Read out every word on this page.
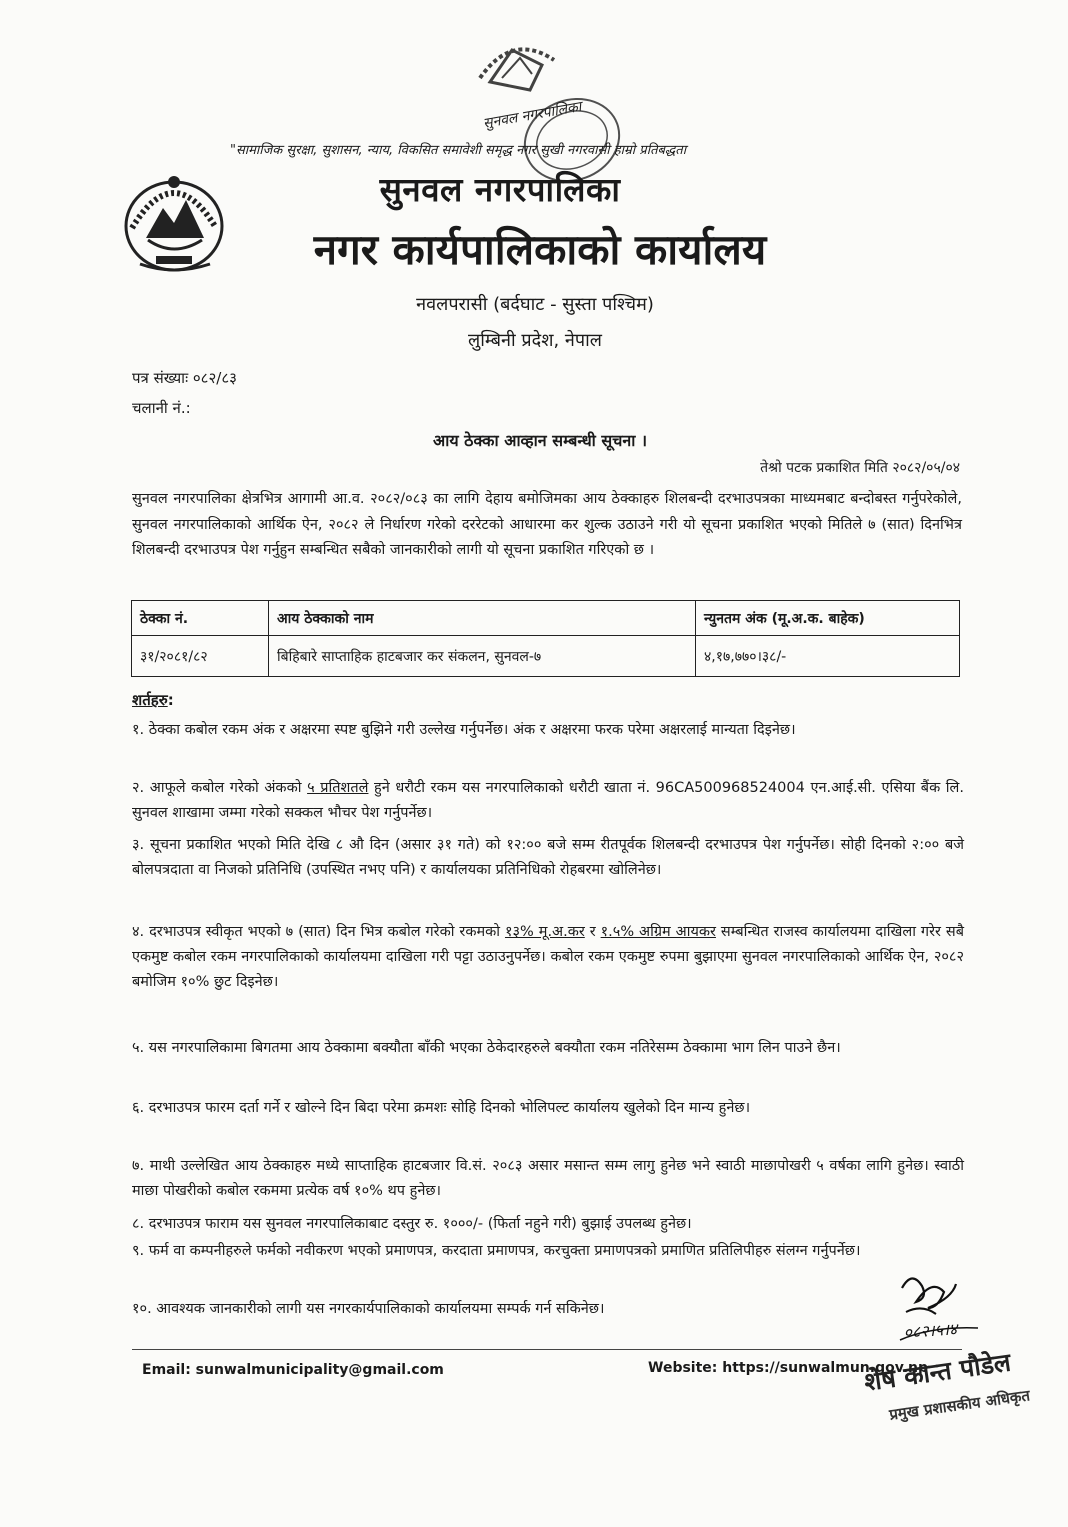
सुनवल नगरपालिका
"सामाजिक सुरक्षा, सुशासन, न्याय, विकसित समावेशी समृद्ध नगर सुखी नगरवासी हाम्रो प्रतिबद्धता
सुनवल नगरपालिका
नगर कार्यपालिकाको कार्यालय
नवलपरासी (बर्दघाट - सुस्ता पश्चिम)
लुम्बिनी प्रदेश, नेपाल
पत्र संख्याः ०८२/८३
चलानी नं.:
आय ठेक्का आव्हान सम्बन्धी सूचना ।
तेश्रो पटक प्रकाशित मिति २०८२/०५/०४
सुनवल नगरपालिका क्षेत्रभित्र आगामी आ.व. २०८२/०८३ का लागि देहाय बमोजिमका आय ठेक्काहरु शिलबन्दी दरभाउपत्रका माध्यमबाट बन्दोबस्त गर्नुपरेकोले, सुनवल नगरपालिकाको आर्थिक ऐन, २०८२ ले निर्धारण गरेको दररेटको आधारमा कर शुल्क उठाउने गरी यो सूचना प्रकाशित भएको मितिले ७ (सात) दिनभित्र शिलबन्दी दरभाउपत्र पेश गर्नुहुन सम्बन्धित सबैको जानकारीको लागी यो सूचना प्रकाशित गरिएको छ ।
ठेक्का नं.	आय ठेक्काको नाम	न्युनतम अंक (मू.अ.क. बाहेक)
३१/२०८१/८२	बिहिबारे साप्ताहिक हाटबजार कर संकलन, सुनवल-७	४,१७,७७०।३८/-
शर्तहरु:
१. ठेक्का कबोल रकम अंक र अक्षरमा स्पष्ट बुझिने गरी उल्लेख गर्नुपर्नेछ। अंक र अक्षरमा फरक परेमा अक्षरलाई मान्यता दिइनेछ।
२. आफूले कबोल गरेको अंकको ५ प्रतिशतले हुने धरौटी रकम यस नगरपालिकाको धरौटी खाता नं. 96CA500968524004 एन.आई.सी. एसिया बैंक लि. सुनवल शाखामा जम्मा गरेको सक्कल भौचर पेश गर्नुपर्नेछ।
३. सूचना प्रकाशित भएको मिति देखि ८ औ दिन (असार ३१ गते) को १२:०० बजे सम्म रीतपूर्वक शिलबन्दी दरभाउपत्र पेश गर्नुपर्नेछ। सोही दिनको २:०० बजे बोलपत्रदाता वा निजको प्रतिनिधि (उपस्थित नभए पनि) र कार्यालयका प्रतिनिधिको रोहबरमा खोलिनेछ।
४. दरभाउपत्र स्वीकृत भएको ७ (सात) दिन भित्र कबोल गरेको रकमको १३% मू.अ.कर र १.५% अग्रिम आयकर सम्बन्धित राजस्व कार्यालयमा दाखिला गरेर सबै एकमुष्ट कबोल रकम नगरपालिकाको कार्यालयमा दाखिला गरी पट्टा उठाउनुपर्नेछ। कबोल रकम एकमुष्ट रुपमा बुझाएमा सुनवल नगरपालिकाको आर्थिक ऐन, २०८२ बमोजिम १०% छुट दिइनेछ।
५. यस नगरपालिकामा बिगतमा आय ठेक्कामा बक्यौता बाँकी भएका ठेकेदारहरुले बक्यौता रकम नतिरेसम्म ठेक्कामा भाग लिन पाउने छैन।
६. दरभाउपत्र फारम दर्ता गर्ने र खोल्ने दिन बिदा परेमा क्रमशः सोहि दिनको भोलिपल्ट कार्यालय खुलेको दिन मान्य हुनेछ।
७. माथी उल्लेखित आय ठेक्काहरु मध्ये साप्ताहिक हाटबजार वि.सं. २०८३ असार मसान्त सम्म लागु हुनेछ भने स्वाठी माछापोखरी ५ वर्षका लागि हुनेछ। स्वाठी माछा पोखरीको कबोल रकममा प्रत्येक वर्ष १०% थप हुनेछ।
८. दरभाउपत्र फाराम यस सुनवल नगरपालिकाबाट दस्तुर रु. १०००/- (फिर्ता नहुने गरी) बुझाई उपलब्ध हुनेछ।
९. फर्म वा कम्पनीहरुले फर्मको नवीकरण भएको प्रमाणपत्र, करदाता प्रमाणपत्र, करचुक्ता प्रमाणपत्रको प्रमाणित प्रतिलिपीहरु संलग्न गर्नुपर्नेछ।
१०. आवश्यक जानकारीको लागी यस नगरकार्यपालिकाको कार्यालयमा सम्पर्क गर्न सकिनेछ।
०८२।५।४
Email: sunwalmunicipality@gmail.com	Website: https://sunwalmun.gov.np
शेष कान्त पौडेल
प्रमुख प्रशासकीय अधिकृत
